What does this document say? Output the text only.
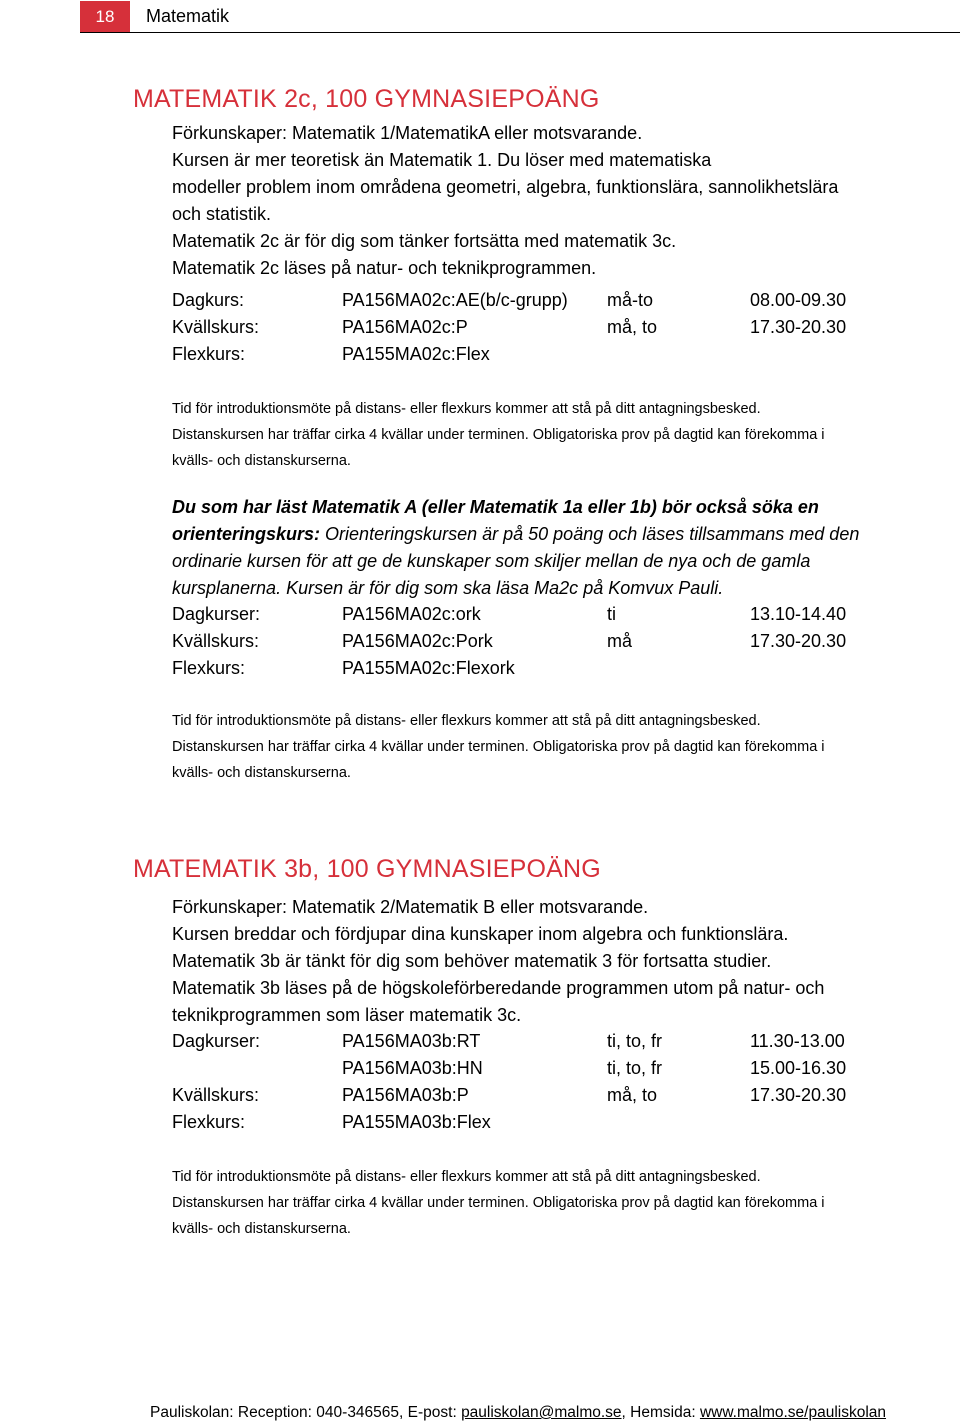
18	Matematik
MATEMATIK 2c, 100 GYMNASIEPOÄNG
Förkunskaper: Matematik 1/MatematikA eller motsvarande.
Kursen är mer teoretisk än Matematik 1. Du löser med matematiska
modeller problem inom områdena geometri, algebra, funktionslära, sannolikhetslära
och statistik.
Matematik 2c är för dig som tänker fortsätta med matematik 3c.
Matematik 2c läses på natur- och teknikprogrammen.
Dagkurs:	PA156MA02c:AE(b/c-grupp) må-to	08.00-09.30
Kvällskurs:	PA156MA02c:P	må, to	17.30-20.30
Flexkurs:	PA155MA02c:Flex
Tid för introduktionsmöte på distans- eller flexkurs kommer att stå på ditt antagningsbesked.
Distanskursen har träffar cirka 4 kvällar under terminen. Obligatoriska prov på dagtid kan förekomma i
kvälls- och distanskurserna.
Du som har läst Matematik A (eller Matematik 1a eller 1b) bör också söka en
orienteringskurs: Orienteringskursen är på 50 poäng och läses tillsammans med den
ordinarie kursen för att ge de kunskaper som skiljer mellan de nya och de gamla
kursplanerna. Kursen är för dig som ska läsa Ma2c på Komvux Pauli.
Dagkurser:	PA156MA02c:ork	ti	13.10-14.40
Kvällskurs:	PA156MA02c:Pork	må	17.30-20.30
Flexkurs:	PA155MA02c:Flexork
Tid för introduktionsmöte på distans- eller flexkurs kommer att stå på ditt antagningsbesked.
Distanskursen har träffar cirka 4 kvällar under terminen. Obligatoriska prov på dagtid kan förekomma i
kvälls- och distanskurserna.
MATEMATIK 3b, 100 GYMNASIEPOÄNG
Förkunskaper: Matematik 2/Matematik B eller motsvarande.
Kursen breddar och fördjupar dina kunskaper inom algebra och funktionslära.
Matematik 3b är tänkt för dig som behöver matematik 3 för fortsatta studier.
Matematik 3b läses på de högskoleförberedande programmen utom på natur- och
teknikprogrammen som läser matematik 3c.
Dagkurser:	PA156MA03b:RT	ti, to, fr	11.30-13.00
PA156MA03b:HN	ti, to, fr	15.00-16.30
Kvällskurs:	PA156MA03b:P	må, to	17.30-20.30
Flexkurs:	PA155MA03b:Flex
Tid för introduktionsmöte på distans- eller flexkurs kommer att stå på ditt antagningsbesked.
Distanskursen har träffar cirka 4 kvällar under terminen. Obligatoriska prov på dagtid kan förekomma i
kvälls- och distanskurserna.
Pauliskolan: Reception: 040-346565, E-post: pauliskolan@malmo.se, Hemsida: www.malmo.se/pauliskolan
